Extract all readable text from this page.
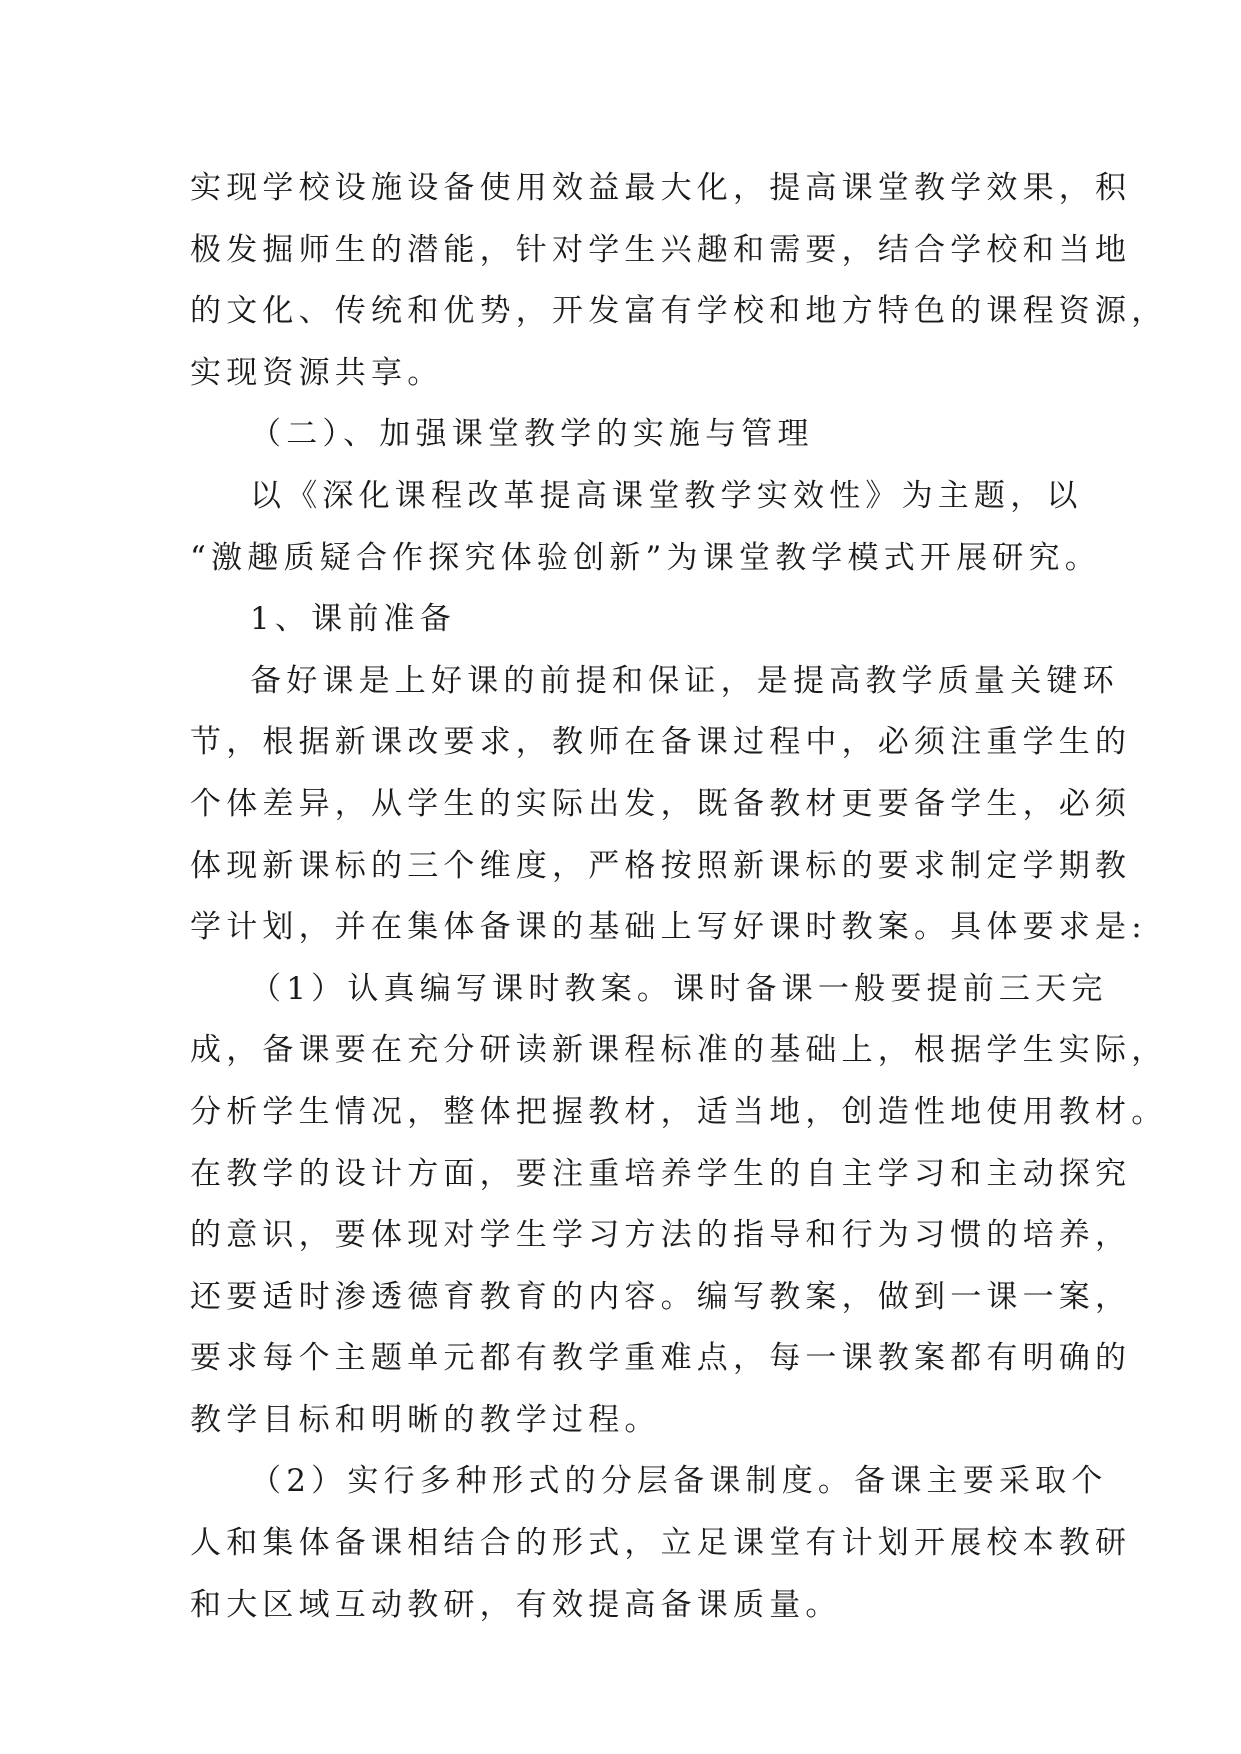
实现学校设施设备使用效益最大化，提高课堂教学效果，积
极发掘师生的潜能，针对学生兴趣和需要，结合学校和当地
的文化、传统和优势，开发富有学校和地方特色的课程资源，
实现资源共享。
（二）、加强课堂教学的实施与管理
以《深化课程改革提高课堂教学实效性》为主题，以
“激趣质疑合作探究体验创新”为课堂教学模式开展研究。
1、课前准备
备好课是上好课的前提和保证，是提高教学质量关键环
节，根据新课改要求，教师在备课过程中，必须注重学生的
个体差异，从学生的实际出发，既备教材更要备学生，必须
体现新课标的三个维度，严格按照新课标的要求制定学期教
学计划，并在集体备课的基础上写好课时教案。具体要求是:
（1）认真编写课时教案。课时备课一般要提前三天完
成，备课要在充分研读新课程标准的基础上，根据学生实际，
分析学生情况，整体把握教材，适当地，创造性地使用教材。
在教学的设计方面，要注重培养学生的自主学习和主动探究
的意识，要体现对学生学习方法的指导和行为习惯的培养，
还要适时渗透德育教育的内容。编写教案，做到一课一案，
要求每个主题单元都有教学重难点，每一课教案都有明确的
教学目标和明晰的教学过程。
（2）实行多种形式的分层备课制度。备课主要采取个
人和集体备课相结合的形式，立足课堂有计划开展校本教研
和大区域互动教研，有效提高备课质量。
